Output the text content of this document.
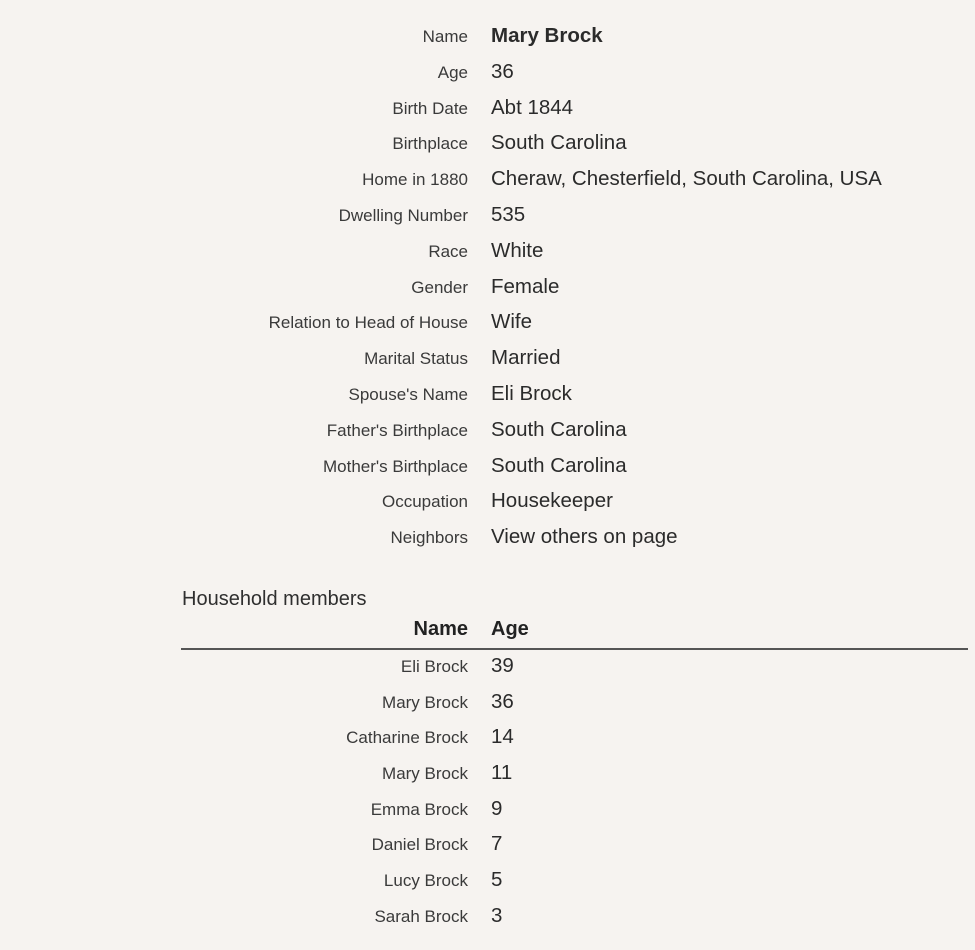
Name Mary Brock
Age 36
Birth Date Abt 1844
Birthplace South Carolina
Home in 1880 Cheraw, Chesterfield, South Carolina, USA
Dwelling Number 535
Race White
Gender Female
Relation to Head of House Wife
Marital Status Married
Spouse's Name Eli Brock
Father's Birthplace South Carolina
Mother's Birthplace South Carolina
Occupation Housekeeper
Neighbors View others on page
Household members
Name Age
Eli Brock 39
Mary Brock 36
Catharine Brock 14
Mary Brock 11
Emma Brock 9
Daniel Brock 7
Lucy Brock 5
Sarah Brock 3
